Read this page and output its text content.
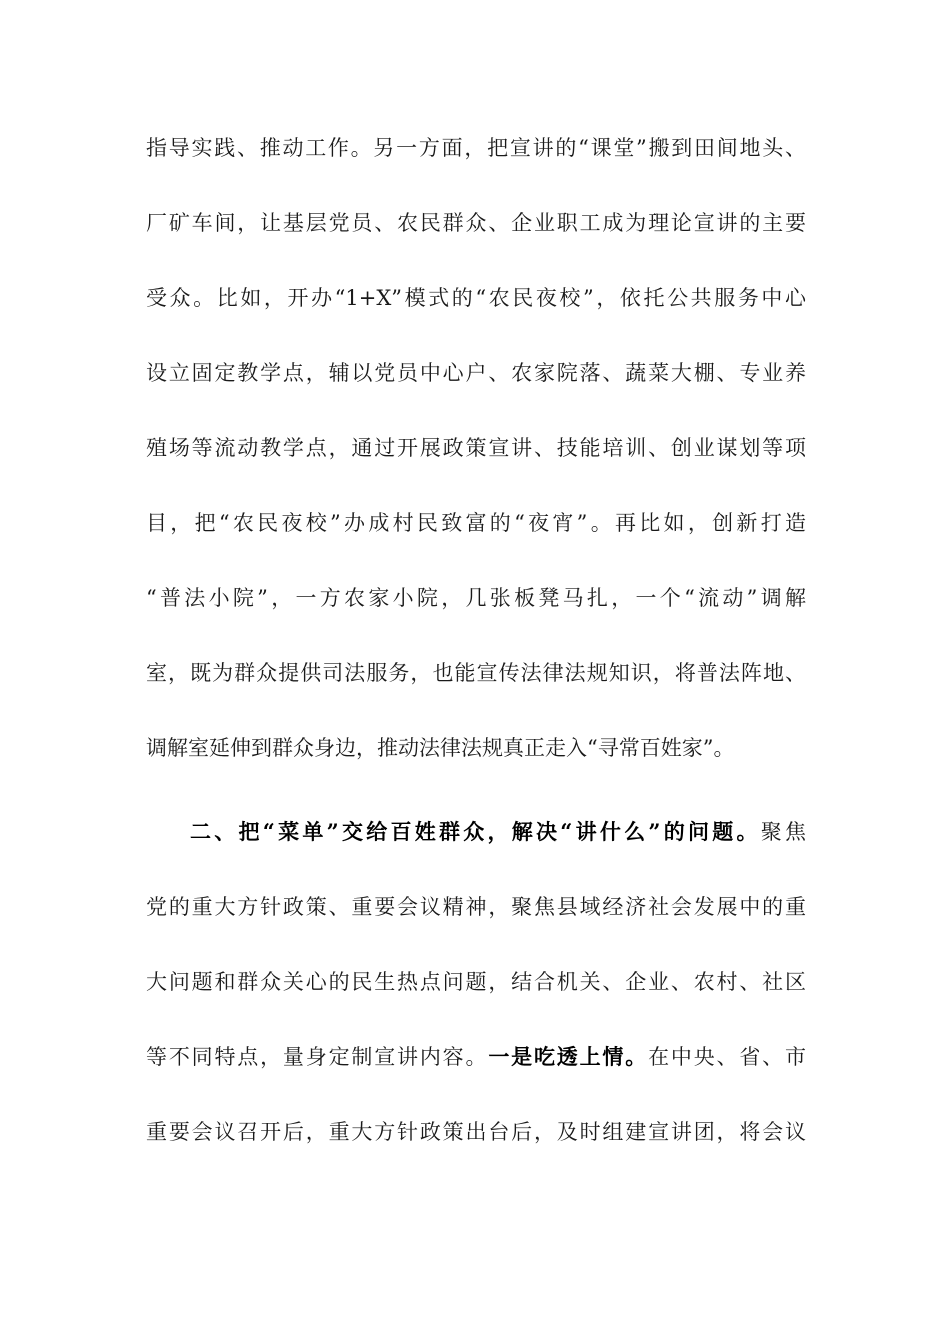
指导实践、推动工作。另一方面，把宣讲的“课堂”搬到田间地头、
厂矿车间，让基层党员、农民群众、企业职工成为理论宣讲的主要
受众。比如，开办“1+X”模式的“农民夜校”，依托公共服务中心
设立固定教学点，辅以党员中心户、农家院落、蔬菜大棚、专业养
殖场等流动教学点，通过开展政策宣讲、技能培训、创业谋划等项
目，把“农民夜校”办成村民致富的“夜宵”。再比如，创新打造
“普法小院”，一方农家小院，几张板凳马扎，一个“流动”调解
室，既为群众提供司法服务，也能宣传法律法规知识，将普法阵地、
调解室延伸到群众身边，推动法律法规真正走入“寻常百姓家”。
二、把“菜单”交给百姓群众，解决“讲什么”的问题。聚焦
党的重大方针政策、重要会议精神，聚焦县域经济社会发展中的重
大问题和群众关心的民生热点问题，结合机关、企业、农村、社区
等不同特点，量身定制宣讲内容。一是吃透上情。在中央、省、市
重要会议召开后，重大方针政策出台后，及时组建宣讲团，将会议
